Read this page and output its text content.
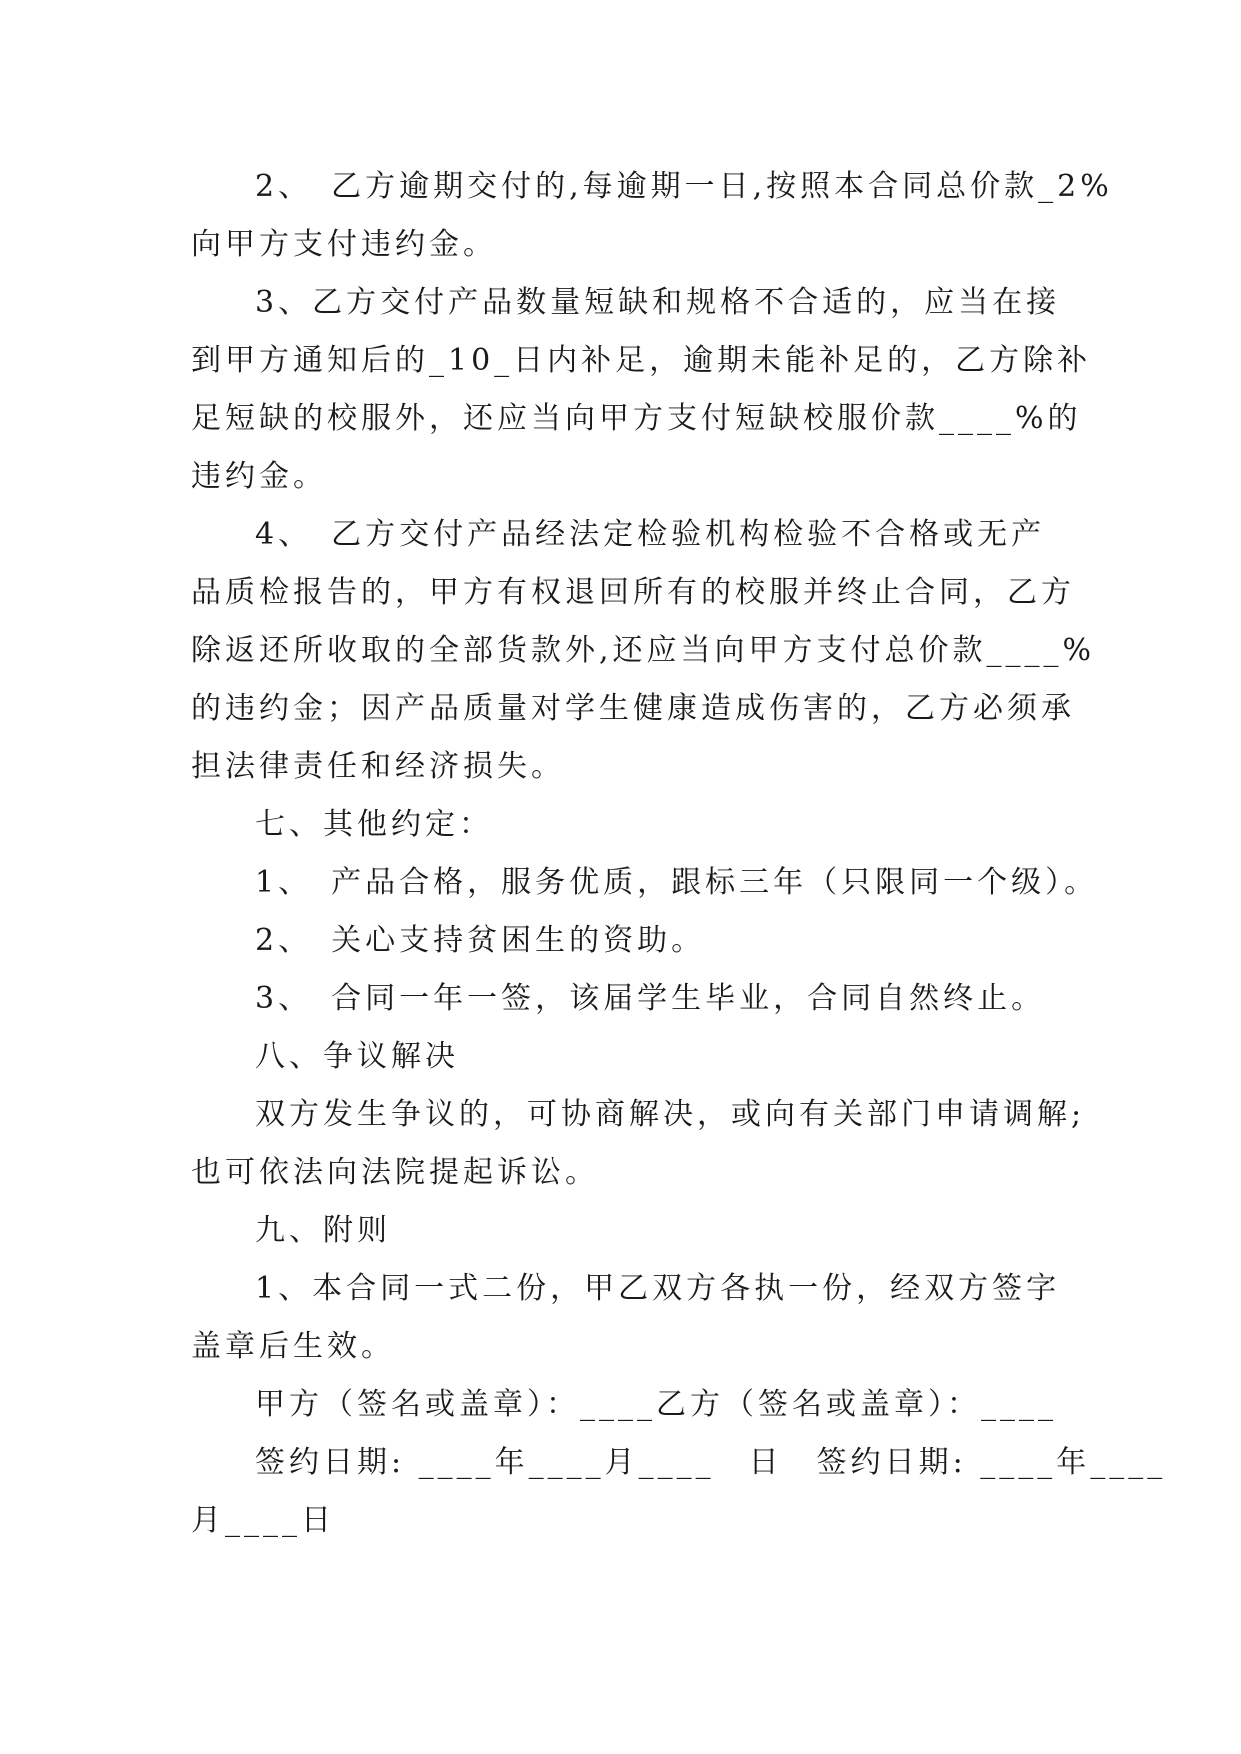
2、　乙方逾期交付的,每逾期一日,按照本合同总价款_2%

向甲方支付违约金。

3、乙方交付产品数量短缺和规格不合适的，应当在接

到甲方通知后的_10_日内补足，逾期未能补足的，乙方除补

足短缺的校服外，还应当向甲方支付短缺校服价款____%的

违约金。

4、　乙方交付产品经法定检验机构检验不合格或无产

品质检报告的，甲方有权退回所有的校服并终止合同，乙方

除返还所收取的全部货款外,还应当向甲方支付总价款____%

的违约金；因产品质量对学生健康造成伤害的，乙方必须承

担法律责任和经济损失。

七、其他约定：

1、　产品合格，服务优质，跟标三年（只限同一个级）。

2、　关心支持贫困生的资助。

3、　合同一年一签，该届学生毕业，合同自然终止。

八、争议解决

双方发生争议的，可协商解决，或向有关部门申请调解;

也可依法向法院提起诉讼。

九、附则

1、本合同一式二份，甲乙双方各执一份，经双方签字

盖章后生效。

甲方（签名或盖章）：____乙方（签名或盖章）：____

签约日期: ____年____月____　日　签约日期: ____年____

月____日
